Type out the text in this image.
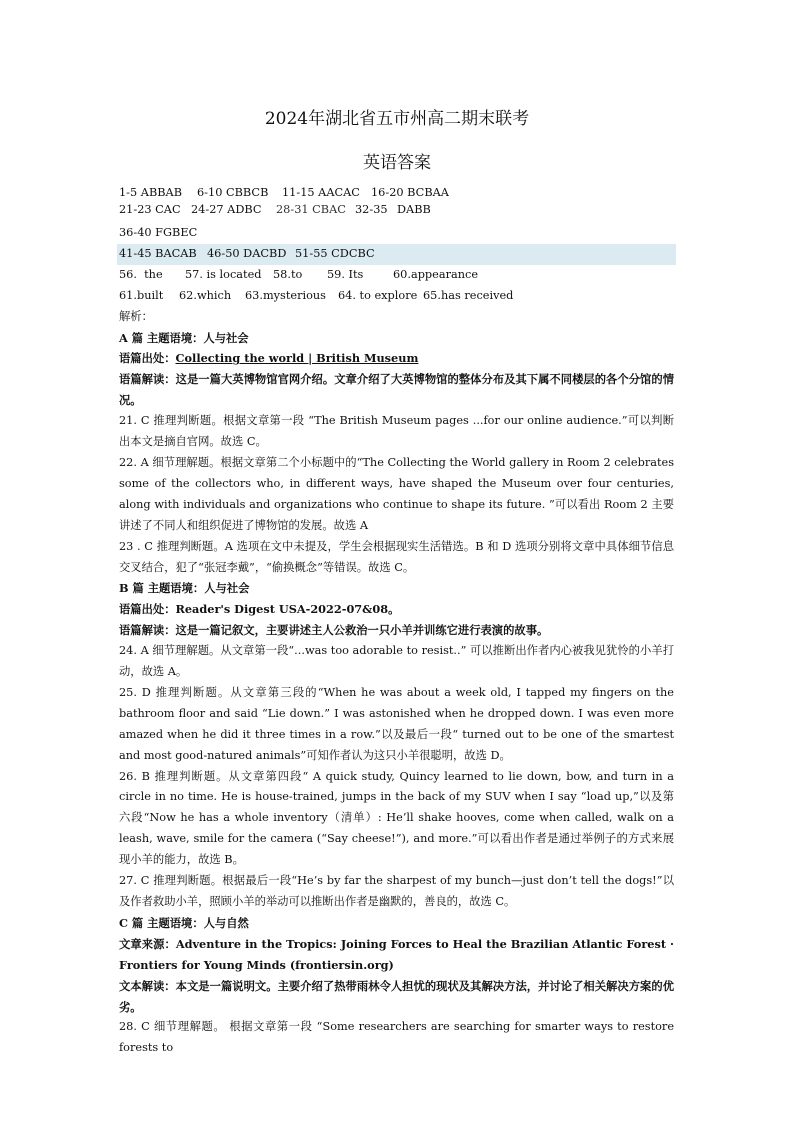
2024年湖北省五市州高二期末联考
英语答案
1-5 ABBAB	6-10 CBBCB	11-15 AACAC 16-20 BCBAA
21-23 CAC 24-27 ADBC	28-31 CBAC 32-35 DABB
36-40 FGBEC
41-45 BACAB 46-50 DACBD 51-55 CDCBC
56.  the	57. is located	58.to	59. Its	60.appearance
61.built	62.which	63.mysterious	64. to explore 65.has received

解析：

A 篇 主题语境：人与社会

语篇出处：Collecting the world | British Museum

语篇解读：这是一篇大英博物馆官网介绍。文章介绍了大英博物馆的整体分布及其下属不同楼层的各个分馆的情况。

21. C 推理判断题。根据文章第一段 “The British Museum pages ...for our online audience.”可以判断出本文是摘自官网。故选 C。

22. A 细节理解题。根据文章第二个小标题中的“The Collecting the World gallery in Room 2 celebrates some of the collectors who, in different ways, have shaped the Museum over four centuries, along with individuals and organizations who continue to shape its future. ”可以看出 Room 2 主要讲述了不同人和组织促进了博物馆的发展。故选 A

23 . C 推理判断题。A 选项在文中未提及，学生会根据现实生活错选。B 和 D 选项分别将文章中具体细节信息交叉结合，犯了“张冠李戴”，“偷换概念”等错误。故选 C。

B 篇 主题语境：人与社会

语篇出处：Reader's Digest USA-2022-07&08。

语篇解读：这是一篇记叙文，主要讲述主人公救治一只小羊并训练它进行表演的故事。

24. A 细节理解题。从文章第一段“...was too adorable to resist..” 可以推断出作者内心被我见犹怜的小羊打动，故选 A。

25. D 推理判断题。从文章第三段的“When he was about a week old, I tapped my fingers on the bathroom floor and said “Lie down.” I was astonished when he dropped down. I was even more amazed when he did it three times in a row.”以及最后一段“ turned out to be one of the smartest and most good-natured animals”可知作者认为这只小羊很聪明，故选 D。

26. B 推理判断题。从文章第四段“ A quick study, Quincy learned to lie down, bow, and turn in a circle in no time. He is house-trained, jumps in the back of my SUV when I say “load up,”以及第六段“Now he has a whole inventory（清单）: He’ll shake hooves, come when called, walk on a leash, wave, smile for the camera (“Say cheese!”), and more.”可以看出作者是通过举例子的方式来展现小羊的能力，故选 B。

27. C 推理判断题。根据最后一段“He’s by far the sharpest of my bunch—just don’t tell the dogs!”以及作者救助小羊，照顾小羊的举动可以推断出作者是幽默的，善良的，故选 C。

C 篇 主题语境：人与自然

文章来源：Adventure in the Tropics: Joining Forces to Heal the Brazilian Atlantic Forest · Frontiers for Young Minds (frontiersin.org)

文本解读：本文是一篇说明文。主要介绍了热带雨林令人担忧的现状及其解决方法，并讨论了相关解决方案的优劣。

28. C 细节理解题。 根据文章第一段 “Some researchers are searching for smarter ways to restore forests to
